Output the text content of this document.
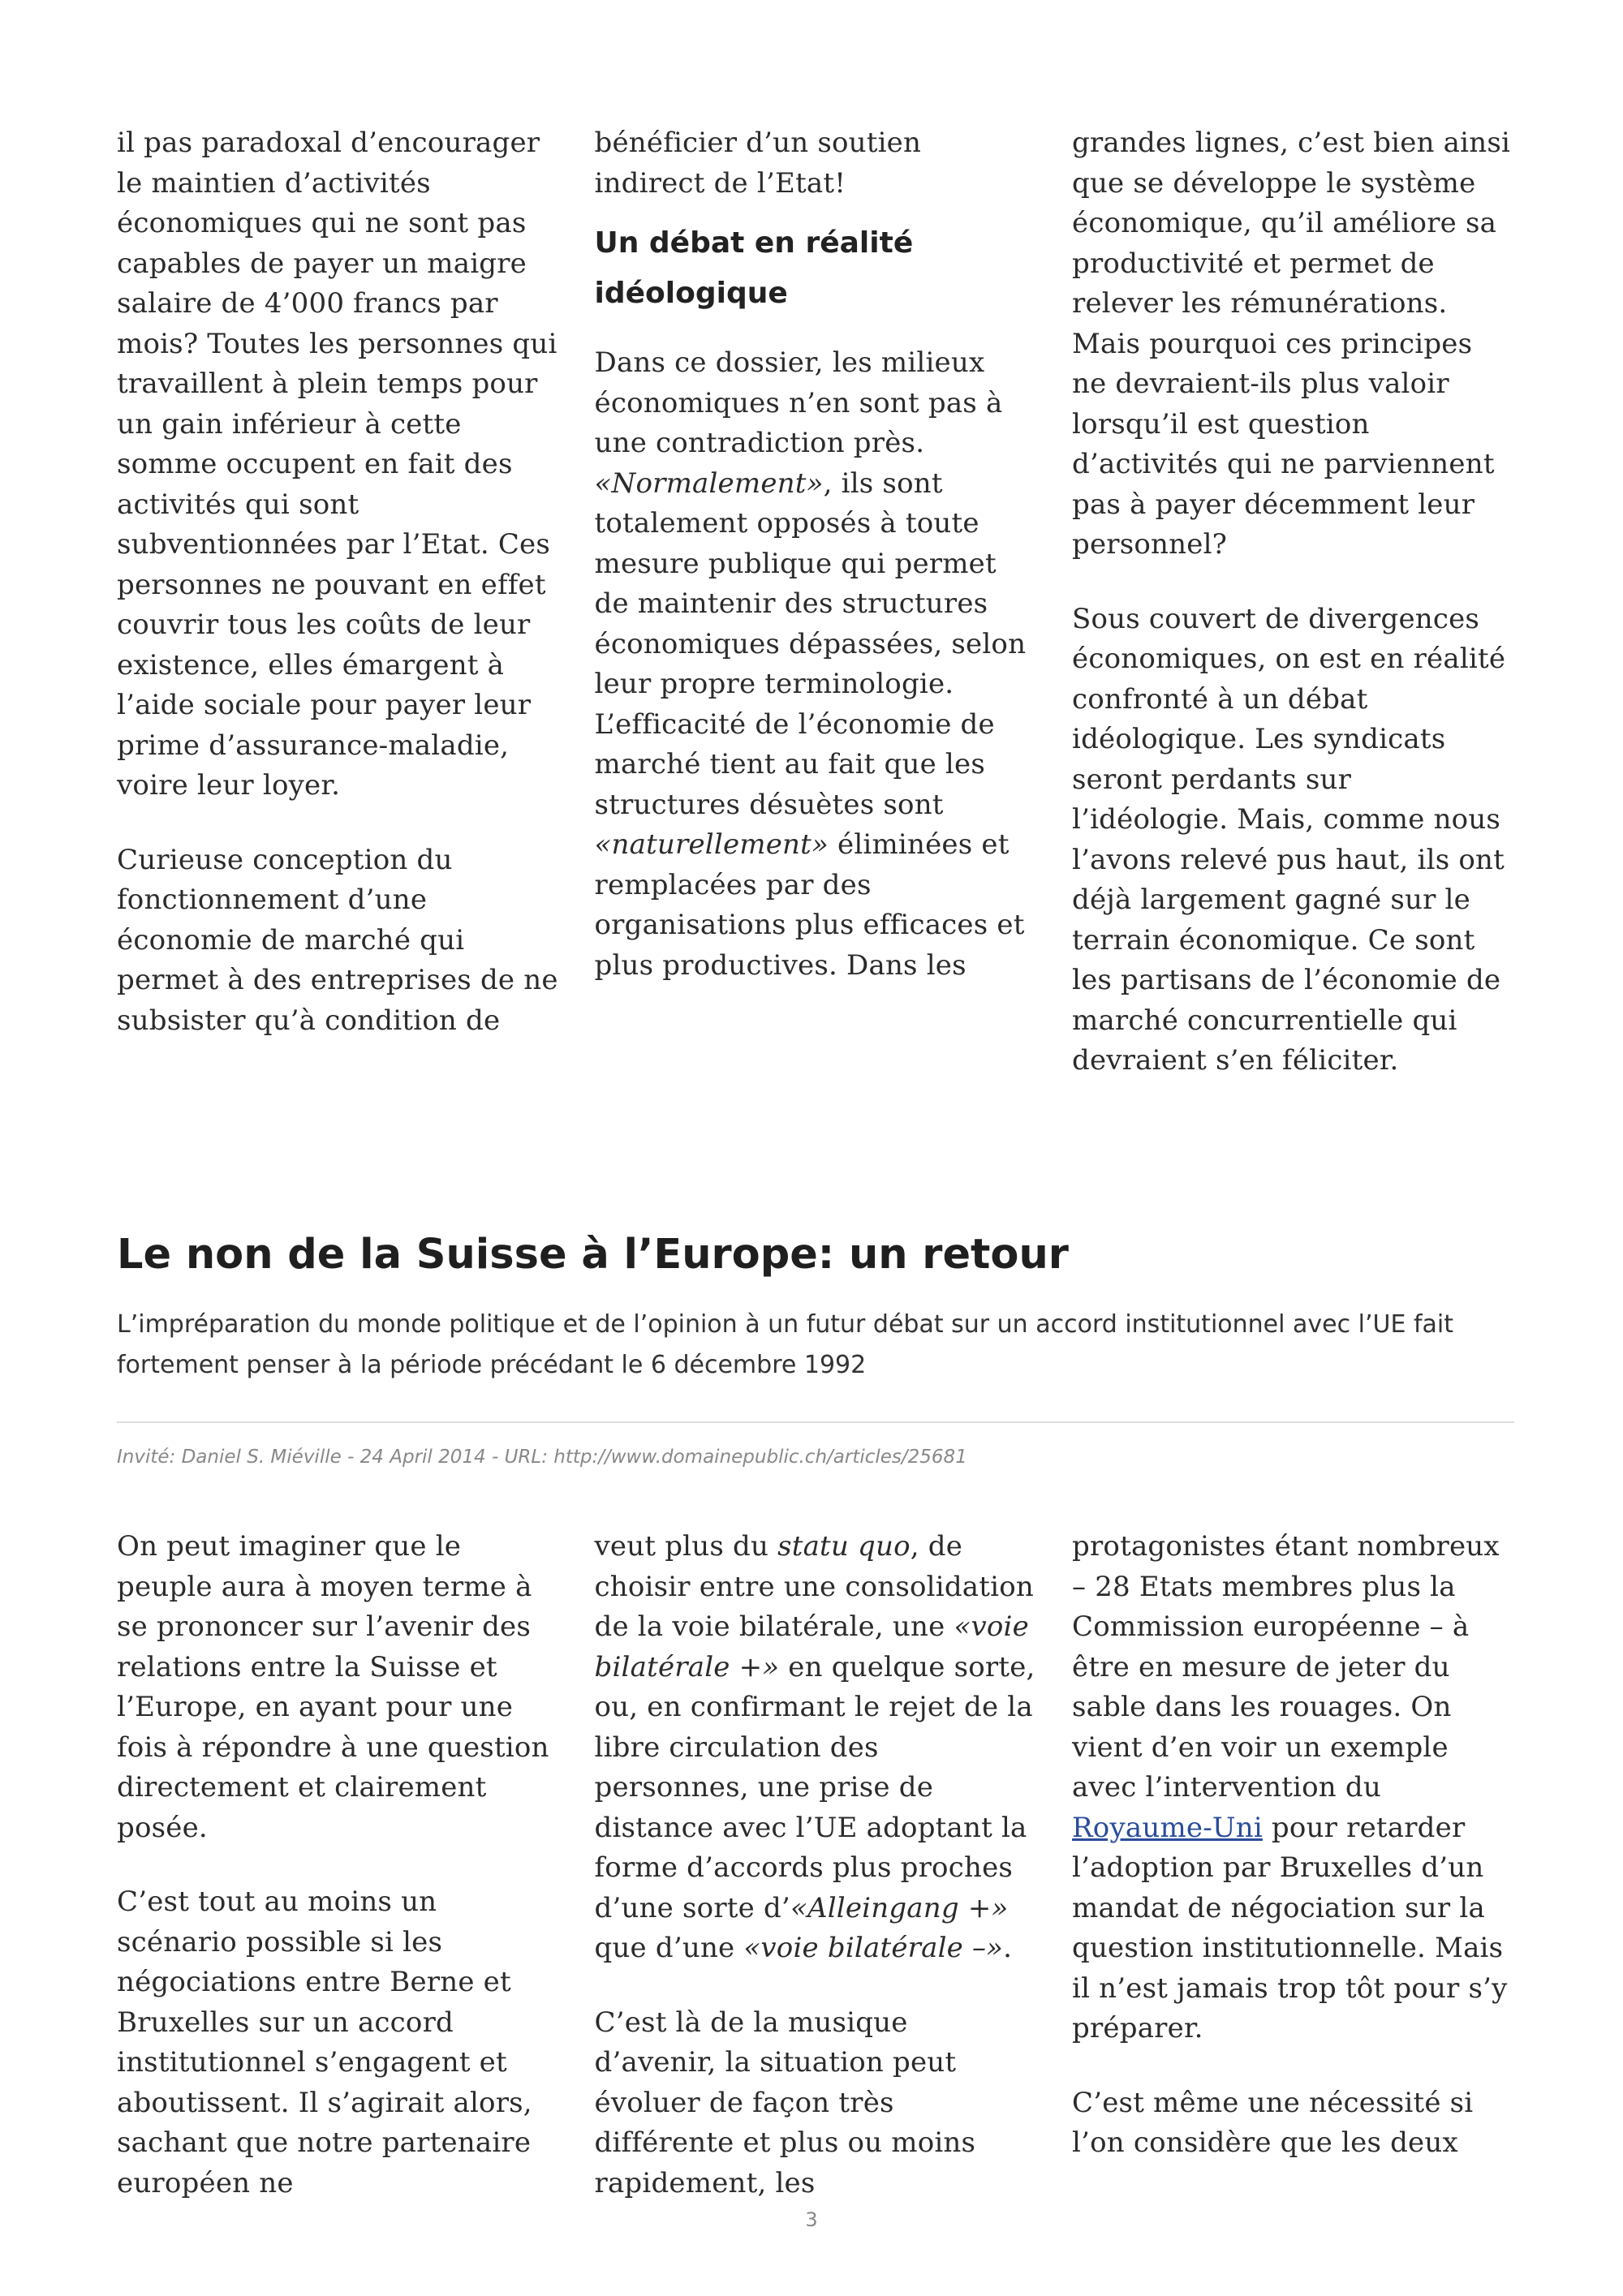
il pas paradoxal d’encourager le maintien d’activités économiques qui ne sont pas capables de payer un maigre salaire de 4’000 francs par mois? Toutes les personnes qui travaillent à plein temps pour un gain inférieur à cette somme occupent en fait des activités qui sont subventionnées par l’Etat. Ces personnes ne pouvant en effet couvrir tous les coûts de leur existence, elles émargent à l’aide sociale pour payer leur prime d’assurance-maladie, voire leur loyer.

Curieuse conception du fonctionnement d’une économie de marché qui permet à des entreprises de ne subsister qu’à condition de

bénéficier d’un soutien indirect de l’Etat!

Un débat en réalité idéologique

Dans ce dossier, les milieux économiques n’en sont pas à une contradiction près. «Normalement», ils sont totalement opposés à toute mesure publique qui permet de maintenir des structures économiques dépassées, selon leur propre terminologie. L’efficacité de l’économie de marché tient au fait que les structures désuètes sont «naturellement» éliminées et remplacées par des organisations plus efficaces et plus productives. Dans les

grandes lignes, c’est bien ainsi que se développe le système économique, qu’il améliore sa productivité et permet de relever les rémunérations. Mais pourquoi ces principes ne devraient-ils plus valoir lorsqu’il est question d’activités qui ne parviennent pas à payer décemment leur personnel?

Sous couvert de divergences économiques, on est en réalité confronté à un débat idéologique. Les syndicats seront perdants sur l’idéologie. Mais, comme nous l’avons relevé pus haut, ils ont déjà largement gagné sur le terrain économique. Ce sont les partisans de l’économie de marché concurrentielle qui devraient s’en féliciter.

Le non de la Suisse à l’Europe: un retour

L’impréparation du monde politique et de l’opinion à un futur débat sur un accord institutionnel avec l’UE fait fortement penser à la période précédant le 6 décembre 1992

Invité: Daniel S. Miéville - 24 April 2014 - URL: http://www.domainepublic.ch/articles/25681

On peut imaginer que le peuple aura à moyen terme à se prononcer sur l’avenir des relations entre la Suisse et l’Europe, en ayant pour une fois à répondre à une question directement et clairement posée.

C’est tout au moins un scénario possible si les négociations entre Berne et Bruxelles sur un accord institutionnel s’engagent et aboutissent. Il s’agirait alors, sachant que notre partenaire européen ne

veut plus du statu quo, de choisir entre une consolidation de la voie bilatérale, une «voie bilatérale +» en quelque sorte, ou, en confirmant le rejet de la libre circulation des personnes, une prise de distance avec l’UE adoptant la forme d’accords plus proches d’une sorte d’«Alleingang +» que d’une «voie bilatérale –».

C’est là de la musique d’avenir, la situation peut évoluer de façon très différente et plus ou moins rapidement, les

protagonistes étant nombreux – 28 Etats membres plus la Commission européenne – à être en mesure de jeter du sable dans les rouages. On vient d’en voir un exemple avec l’intervention du Royaume-Uni pour retarder l’adoption par Bruxelles d’un mandat de négociation sur la question institutionnelle. Mais il n’est jamais trop tôt pour s’y préparer.

C’est même une nécessité si l’on considère que les deux

3
